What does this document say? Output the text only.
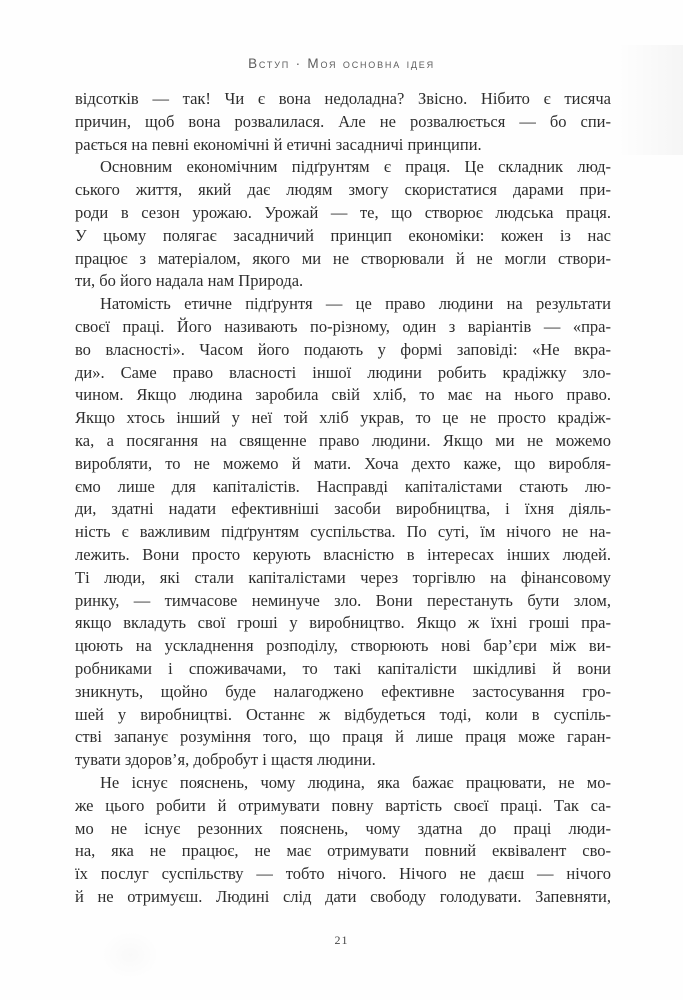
Вступ · Моя основна ідея
відсотків — так! Чи є вона недоладна? Звісно. Нібито є тисяча
причин, щоб вона розвалилася. Але не розвалюється — бо спи-
рається на певні економічні й етичні засадничі принципи.
Основним економічним підґрунтям є праця. Це складник люд-
ського життя, який дає людям змогу скористатися дарами при-
роди в сезон урожаю. Урожай — те, що створює людська праця.
У цьому полягає засадничий принцип економіки: кожен із нас
працює з матеріалом, якого ми не створювали й не могли створи-
ти, бо його надала нам Природа.
Натомість етичне підґрунтя — це право людини на результати
своєї праці. Його називають по-різному, один з варіантів — «пра-
во власності». Часом його подають у формі заповіді: «Не вкра-
ди». Саме право власності іншої людини робить крадіжку зло-
чином. Якщо людина заробила свій хліб, то має на нього право.
Якщо хтось інший у неї той хліб украв, то це не просто крадіж-
ка, а посягання на священне право людини. Якщо ми не можемо
виробляти, то не можемо й мати. Хоча дехто каже, що виробля-
ємо лише для капіталістів. Насправді капіталістами стають лю-
ди, здатні надати ефективніші засоби виробництва, і їхня діяль-
ність є важливим підґрунтям суспільства. По суті, їм нічого не на-
лежить. Вони просто керують власністю в інтересах інших людей.
Ті люди, які стали капіталістами через торгівлю на фінансовому
ринку, — тимчасове неминуче зло. Вони перестануть бути злом,
якщо вкладуть свої гроші у виробництво. Якщо ж їхні гроші пра-
цюють на ускладнення розподілу, створюють нові бар’єри між ви-
робниками і споживачами, то такі капіталісти шкідливі й вони
зникнуть, щойно буде налагоджено ефективне застосування гро-
шей у виробництві. Останнє ж відбудеться тоді, коли в суспіль-
стві запанує розуміння того, що праця й лише праця може гаран-
тувати здоров’я, добробут і щастя людини.
Не існує пояснень, чому людина, яка бажає працювати, не мо-
же цього робити й отримувати повну вартість своєї праці. Так са-
мо не існує резонних пояснень, чому здатна до праці люди-
на, яка не працює, не має отримувати повний еквівалент сво-
їх послуг суспільству — тобто нічого. Нічого не даєш — нічого
й не отримуєш. Людині слід дати свободу голодувати. Запевняти,
21
